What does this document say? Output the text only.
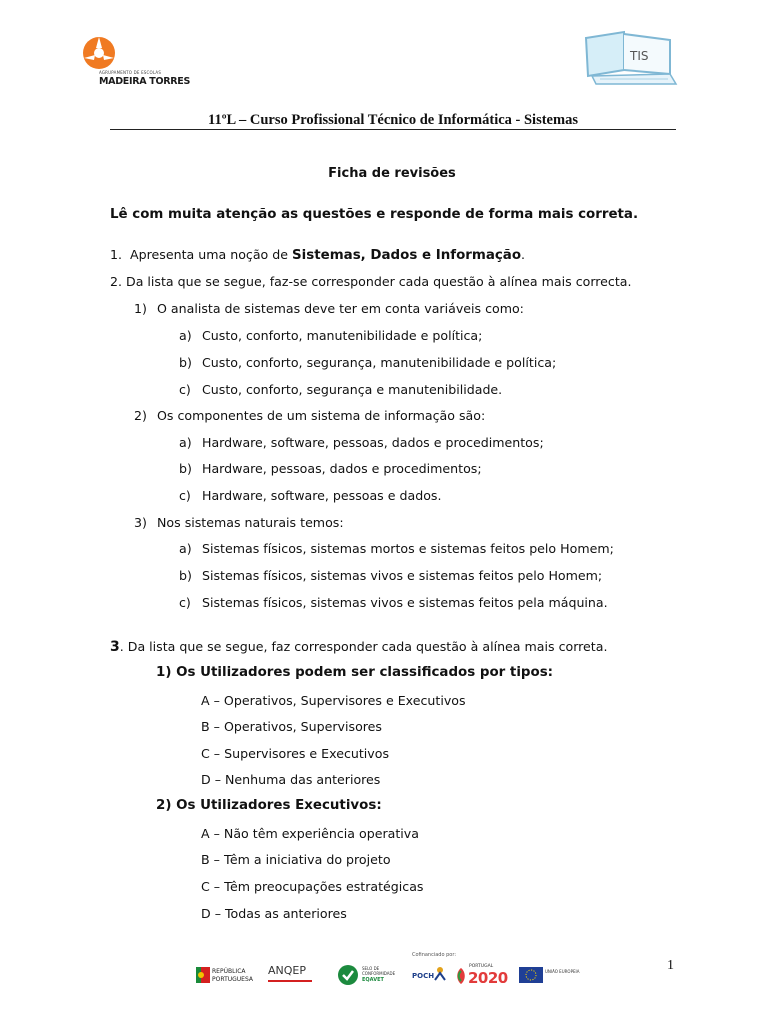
AGRUPAMENTO DE ESCOLAS
MADEIRA TORRES
TIS
11ºL – Curso Profissional Técnico de Informática - Sistemas
Ficha de revisões
Lê com muita atenção as questões e responde de forma mais correta.
1. Apresenta uma noção de Sistemas, Dados e Informação.
2. Da lista que se segue, faz-se corresponder cada questão à alínea mais correcta.
1) O analista de sistemas deve ter em conta variáveis como:
a) Custo, conforto, manutenibilidade e política;
b) Custo, conforto, segurança, manutenibilidade e política;
c) Custo, conforto, segurança e manutenibilidade.
2) Os componentes de um sistema de informação são:
a) Hardware, software, pessoas, dados e procedimentos;
b) Hardware, pessoas, dados e procedimentos;
c) Hardware, software, pessoas e dados.
3) Nos sistemas naturais temos:
a) Sistemas físicos, sistemas mortos e sistemas feitos pelo Homem;
b) Sistemas físicos, sistemas vivos e sistemas feitos pelo Homem;
c) Sistemas físicos, sistemas vivos e sistemas feitos pela máquina.
3. Da lista que se segue, faz corresponder cada questão à alínea mais correta.
1) Os Utilizadores podem ser classificados por tipos:
A – Operativos, Supervisores e Executivos
B – Operativos, Supervisores
C – Supervisores e Executivos
D – Nenhuma das anteriores
2) Os Utilizadores Executivos:
A – Não têm experiência operativa
B – Têm a iniciativa do projeto
C – Têm preocupações estratégicas
D – Todas as anteriores
1
Cofinanciado por:
REPÚBLICA
PORTUGUESA
ANQEP	SELO DE
CONFORMIDADE
EQAVET	POCH
PORTUGAL
2020	UNIÃO EUROPEIA
